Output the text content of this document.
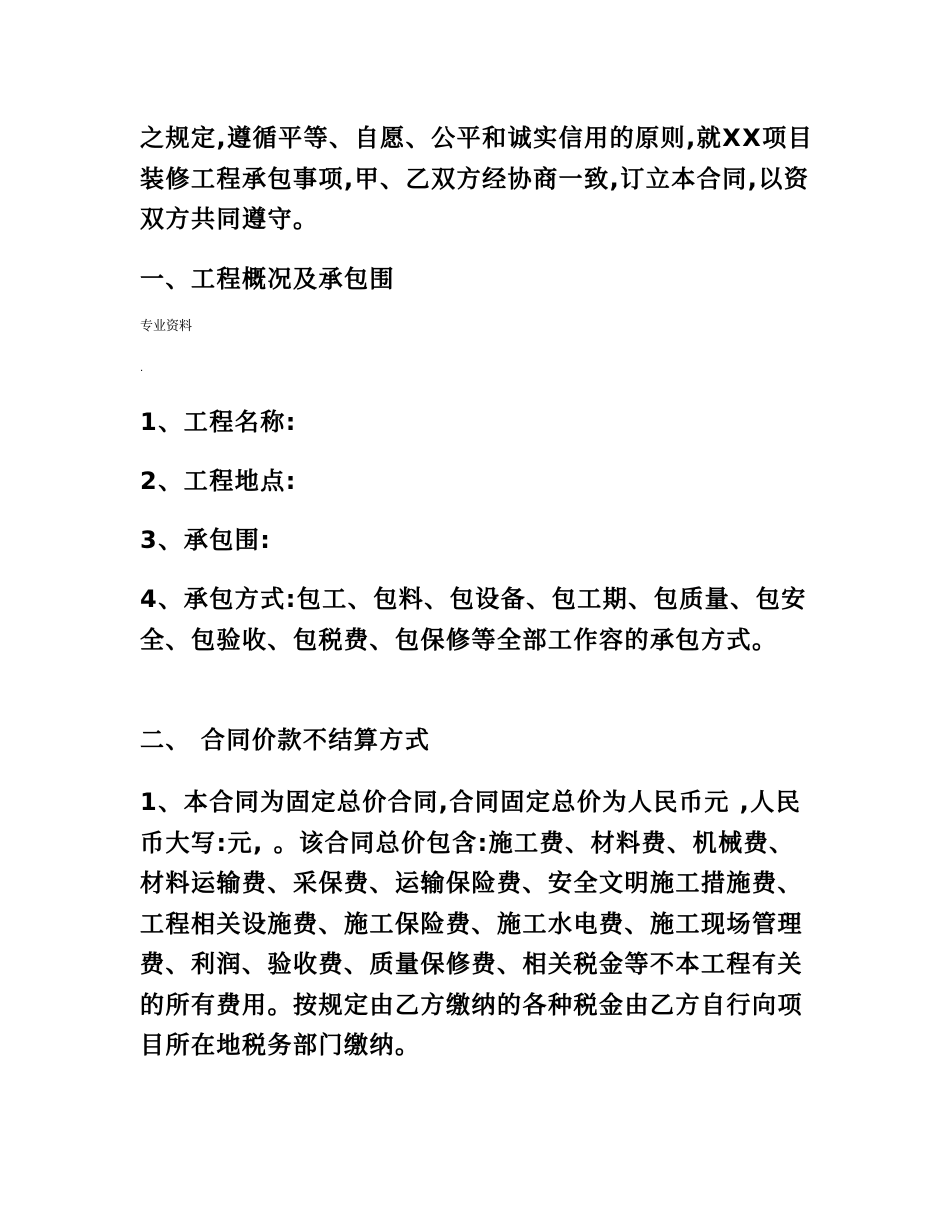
之规定,遵循平等、自愿、公平和诚实信用的原则,就XX项目装修工程承包事项,甲、乙双方经协商一致,订立本合同,以资双方共同遵守。
一、工程概况及承包围
专业资料
.
1、工程名称:
2、工程地点:
3、承包围:
4、承包方式:包工、包料、包设备、包工期、包质量、包安全、包验收、包税费、包保修等全部工作容的承包方式。
二、 合同价款不结算方式
1、本合同为固定总价合同,合同固定总价为人民币元 ,人民币大写:元, 。该合同总价包含:施工费、材料费、机械费、材料运输费、采保费、运输保险费、安全文明施工措施费、工程相关设施费、施工保险费、施工水电费、施工现场管理费、利润、验收费、质量保修费、相关税金等不本工程有关的所有费用。按规定由乙方缴纳的各种税金由乙方自行向项目所在地税务部门缴纳。
